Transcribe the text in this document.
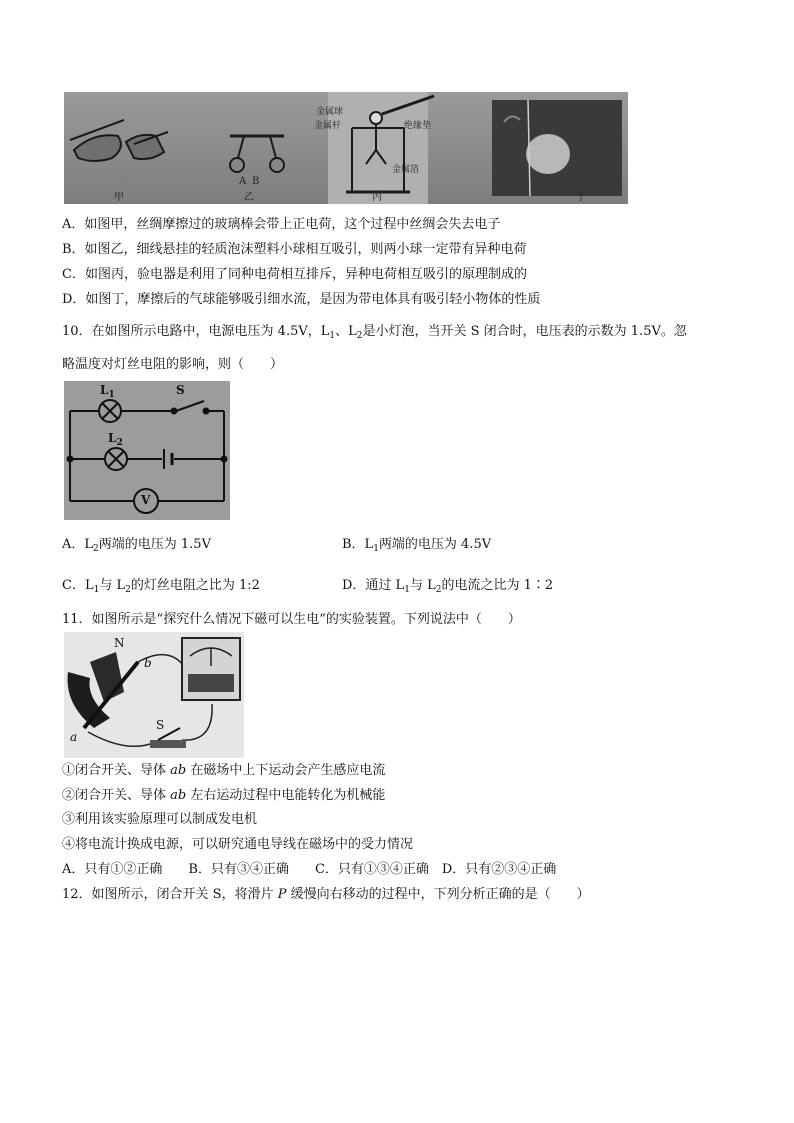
甲
A B
乙
金属球
金属杆	绝缘垫
金属箔
丙	丁
A．如图甲，丝绸摩擦过的玻璃棒会带上正电荷，这个过程中丝绸会失去电子
B．如图乙，细线悬挂的轻质泡沫塑料小球相互吸引，则两小球一定带有异种电荷
C．如图丙，验电器是利用了同种电荷相互排斥，异种电荷相互吸引的原理制成的
D．如图丁，摩擦后的气球能够吸引细水流，是因为带电体具有吸引轻小物体的性质
10．在如图所示电路中，电源电压为 4.5V，$L_1$、$L_2$是小灯泡，当开关 S 闭合时，电压表的示数为 1.5V。忽
略温度对灯丝电阻的影响，则（　　）
$L_1$	S
$L_2$
V
A．$L_2$两端的电压为 1.5V	B．$L_1$两端的电压为 4.5V
C．$L_1$与 $L_2$的灯丝电阻之比为 1:2	D．通过 $L_1$与 $L_2$的电流之比为 1∶2
11．如图所示是“探究什么情况下磁可以生电”的实验装置。下列说法中（　　）
N
b
a
S
①闭合开关、导体 ab 在磁场中上下运动会产生感应电流
②闭合开关、导体 ab 左右运动过程中电能转化为机械能
③利用该实验原理可以制成发电机
④将电流计换成电源，可以研究通电导线在磁场中的受力情况
A．只有①②正确　　B．只有③④正确　　C．只有①③④正确　D．只有②③④正确
12．如图所示，闭合开关 S，将滑片 P 缓慢向右移动的过程中，下列分析正确的是（　　）
